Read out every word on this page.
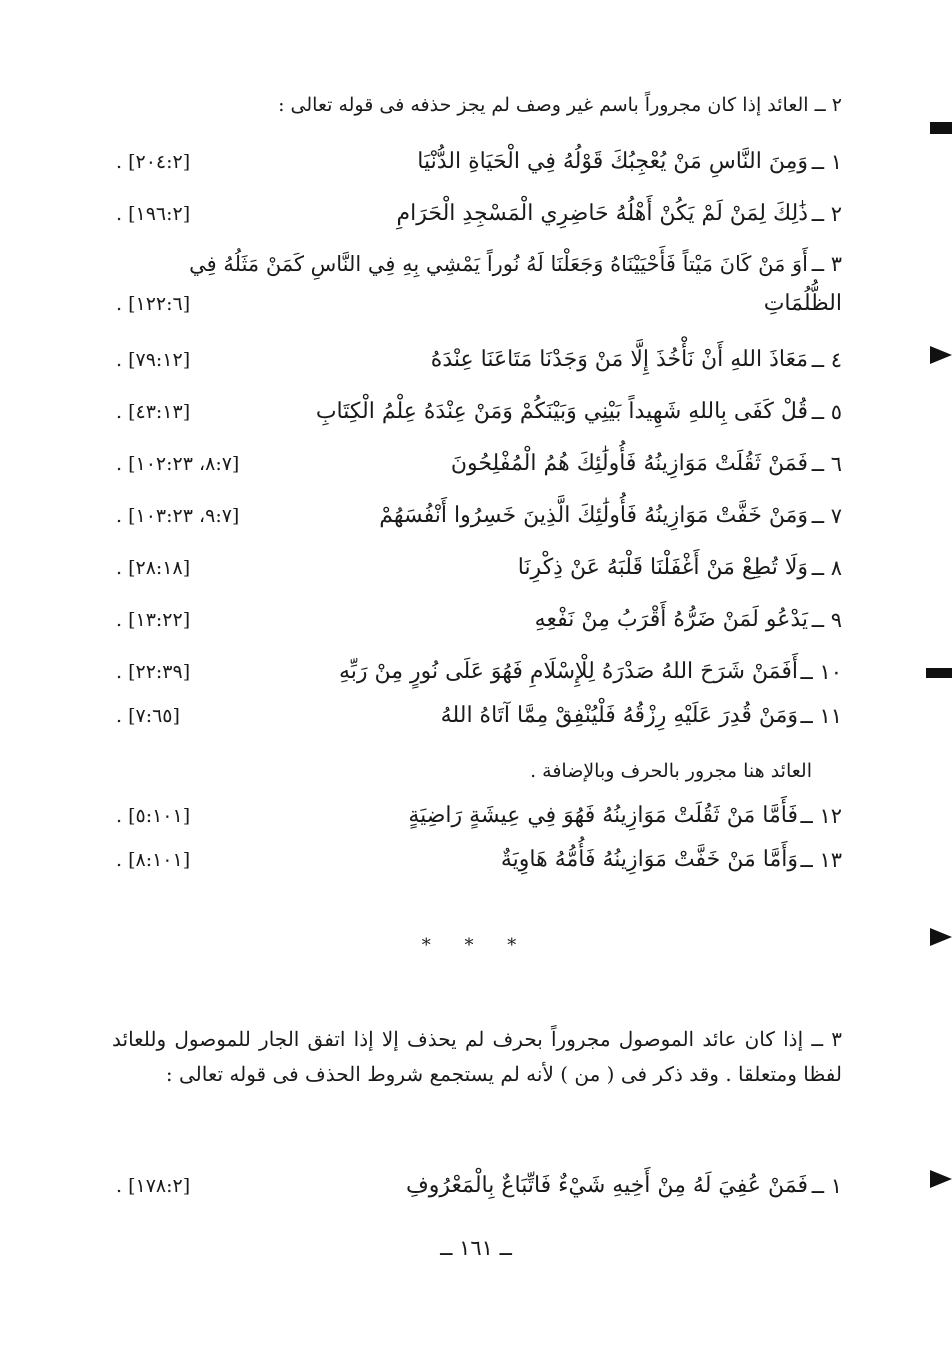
٢ ــ العائد إذا كان مجروراً باسم غير وصف لم يجز حذفه فى قوله تعالى :
١ ــ
وَمِنَ النَّاسِ مَنْ يُعْجِبُكَ قَوْلُهُ فِي الْحَيَاةِ الدُّنْيَا
[٢٠٤:٢] .
٢ ــ
ذَٰلِكَ لِمَنْ لَمْ يَكُنْ أَهْلُهُ حَاضِرِي الْمَسْجِدِ الْحَرَامِ
[١٩٦:٢] .
٣ ــ
أَوَ مَنْ كَانَ مَيْتاً فَأَحْيَيْنَاهُ وَجَعَلْنَا لَهُ نُوراً يَمْشِي بِهِ فِي النَّاسِ كَمَنْ مَثَلُهُ فِي
الظُّلُمَاتِ
[١٢٢:٦] .
٤ ــ
مَعَاذَ اللهِ أَنْ نَأْخُذَ إِلَّا مَنْ وَجَدْنَا مَتَاعَنَا عِنْدَهُ
[٧٩:١٢] .
٥ ــ
قُلْ كَفَى بِاللهِ شَهِيداً بَيْنِي وَبَيْنَكُمْ وَمَنْ عِنْدَهُ عِلْمُ الْكِتَابِ
[٤٣:١٣] .
٦ ــ
فَمَنْ ثَقُلَتْ مَوَازِينُهُ فَأُولَٰئِكَ هُمُ الْمُفْلِحُونَ
[٨:٧، ١٠٢:٢٣] .
٧ ــ
وَمَنْ خَفَّتْ مَوَازِينُهُ فَأُولَٰئِكَ الَّذِينَ خَسِرُوا أَنْفُسَهُمْ
[٩:٧، ١٠٣:٢٣] .
٨ ــ
وَلَا تُطِعْ مَنْ أَغْفَلْنَا قَلْبَهُ عَنْ ذِكْرِنَا
[٢٨:١٨] .
٩ ــ
يَدْعُو لَمَنْ ضَرُّهُ أَقْرَبُ مِنْ نَفْعِهِ
[١٣:٢٢] .
١٠ ــ
أَفَمَنْ شَرَحَ اللهُ صَدْرَهُ لِلْإِسْلَامِ فَهُوَ عَلَى نُورٍ مِنْ رَبِّهِ
[٢٢:٣٩] .
١١ ــ
وَمَنْ قُدِرَ عَلَيْهِ رِزْقُهُ فَلْيُنْفِقْ مِمَّا آتَاهُ اللهُ
[٧:٦٥] .
العائد هنا مجرور بالحرف وبالإضافة .
١٢ ــ
فَأَمَّا مَنْ ثَقُلَتْ مَوَازِينُهُ فَهُوَ فِي عِيشَةٍ رَاضِيَةٍ
[٥:١٠١] .
١٣ ــ
وَأَمَّا مَنْ خَفَّتْ مَوَازِينُهُ فَأُمُّهُ هَاوِيَةٌ
[٨:١٠١] .
* * *
٣ ــ إذا كان عائد الموصول مجروراً بحرف لم يحذف إلا إذا اتفق الجار للموصول وللعائد لفظا ومتعلقا . وقد ذكر فى ( من ) لأنه لم يستجمع شروط الحذف فى قوله تعالى :
١ ــ
فَمَنْ عُفِيَ لَهُ مِنْ أَخِيهِ شَيْءٌ فَاتِّبَاعٌ بِالْمَعْرُوفِ
[١٧٨:٢] .
ــ ١٦١ ــ
